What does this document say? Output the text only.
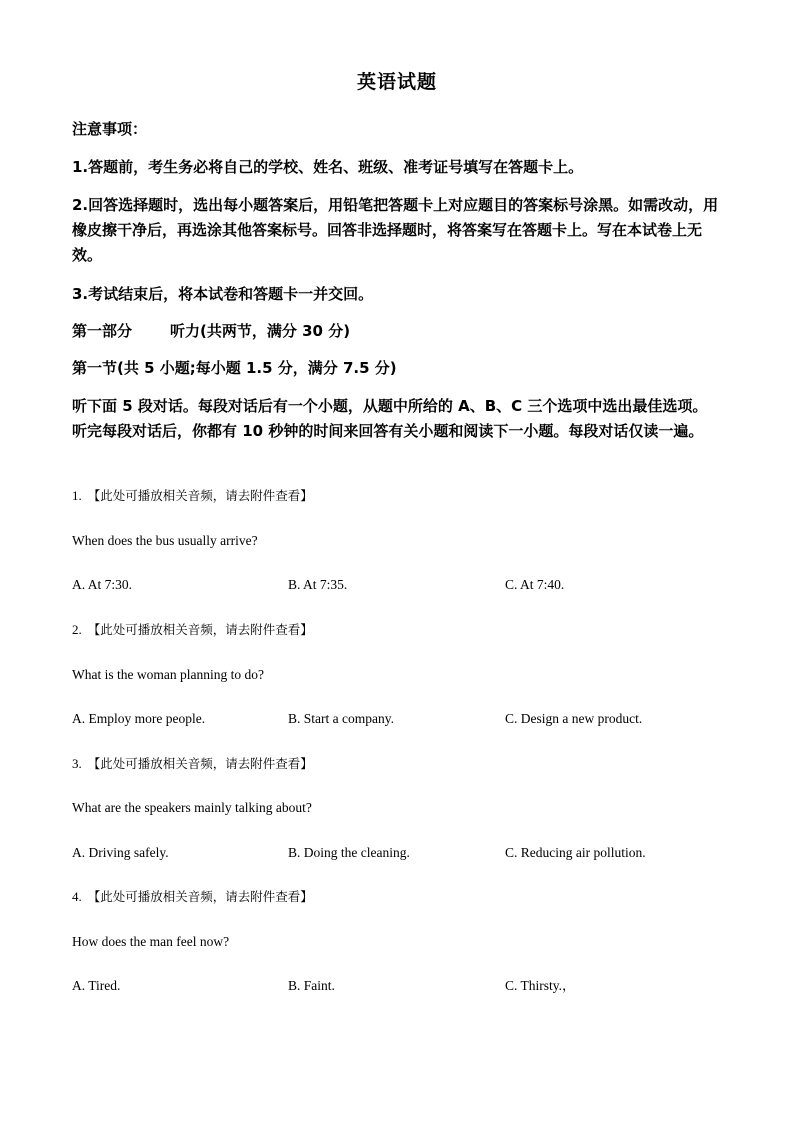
英语试题
注意事项：
1.答题前，考生务必将自己的学校、姓名、班级、准考证号填写在答题卡上。
2.回答选择题时，选出每小题答案后，用铅笔把答题卡上对应题目的答案标号涂黑。如需改动，用橡皮擦干净后，再选涂其他答案标号。回答非选择题时，将答案写在答题卡上。写在本试卷上无效。
3.考试结束后，将本试卷和答题卡一并交回。
第一部分	听力(共两节，满分 30 分)
第一节(共 5 小题;每小题 1.5 分，满分 7.5 分)
听下面 5 段对话。每段对话后有一个小题，从题中所给的 A、B、C 三个选项中选出最佳选项。听完每段对话后，你都有 10 秒钟的时间来回答有关小题和阅读下一小题。每段对话仅读一遍。
1. 【此处可播放相关音频，请去附件查看】
When does the bus usually arrive?
A. At 7:30.	B. At 7:35.	C. At 7:40.
2. 【此处可播放相关音频，请去附件查看】
What is the woman planning to do?
A. Employ more people.	B. Start a company.	C. Design a new product.
3. 【此处可播放相关音频，请去附件查看】
What are the speakers mainly talking about?
A. Driving safely.	B. Doing the cleaning.	C. Reducing air pollution.
4. 【此处可播放相关音频，请去附件查看】
How does the man feel now?
A. Tired.	B. Faint.	C. Thirsty.，
